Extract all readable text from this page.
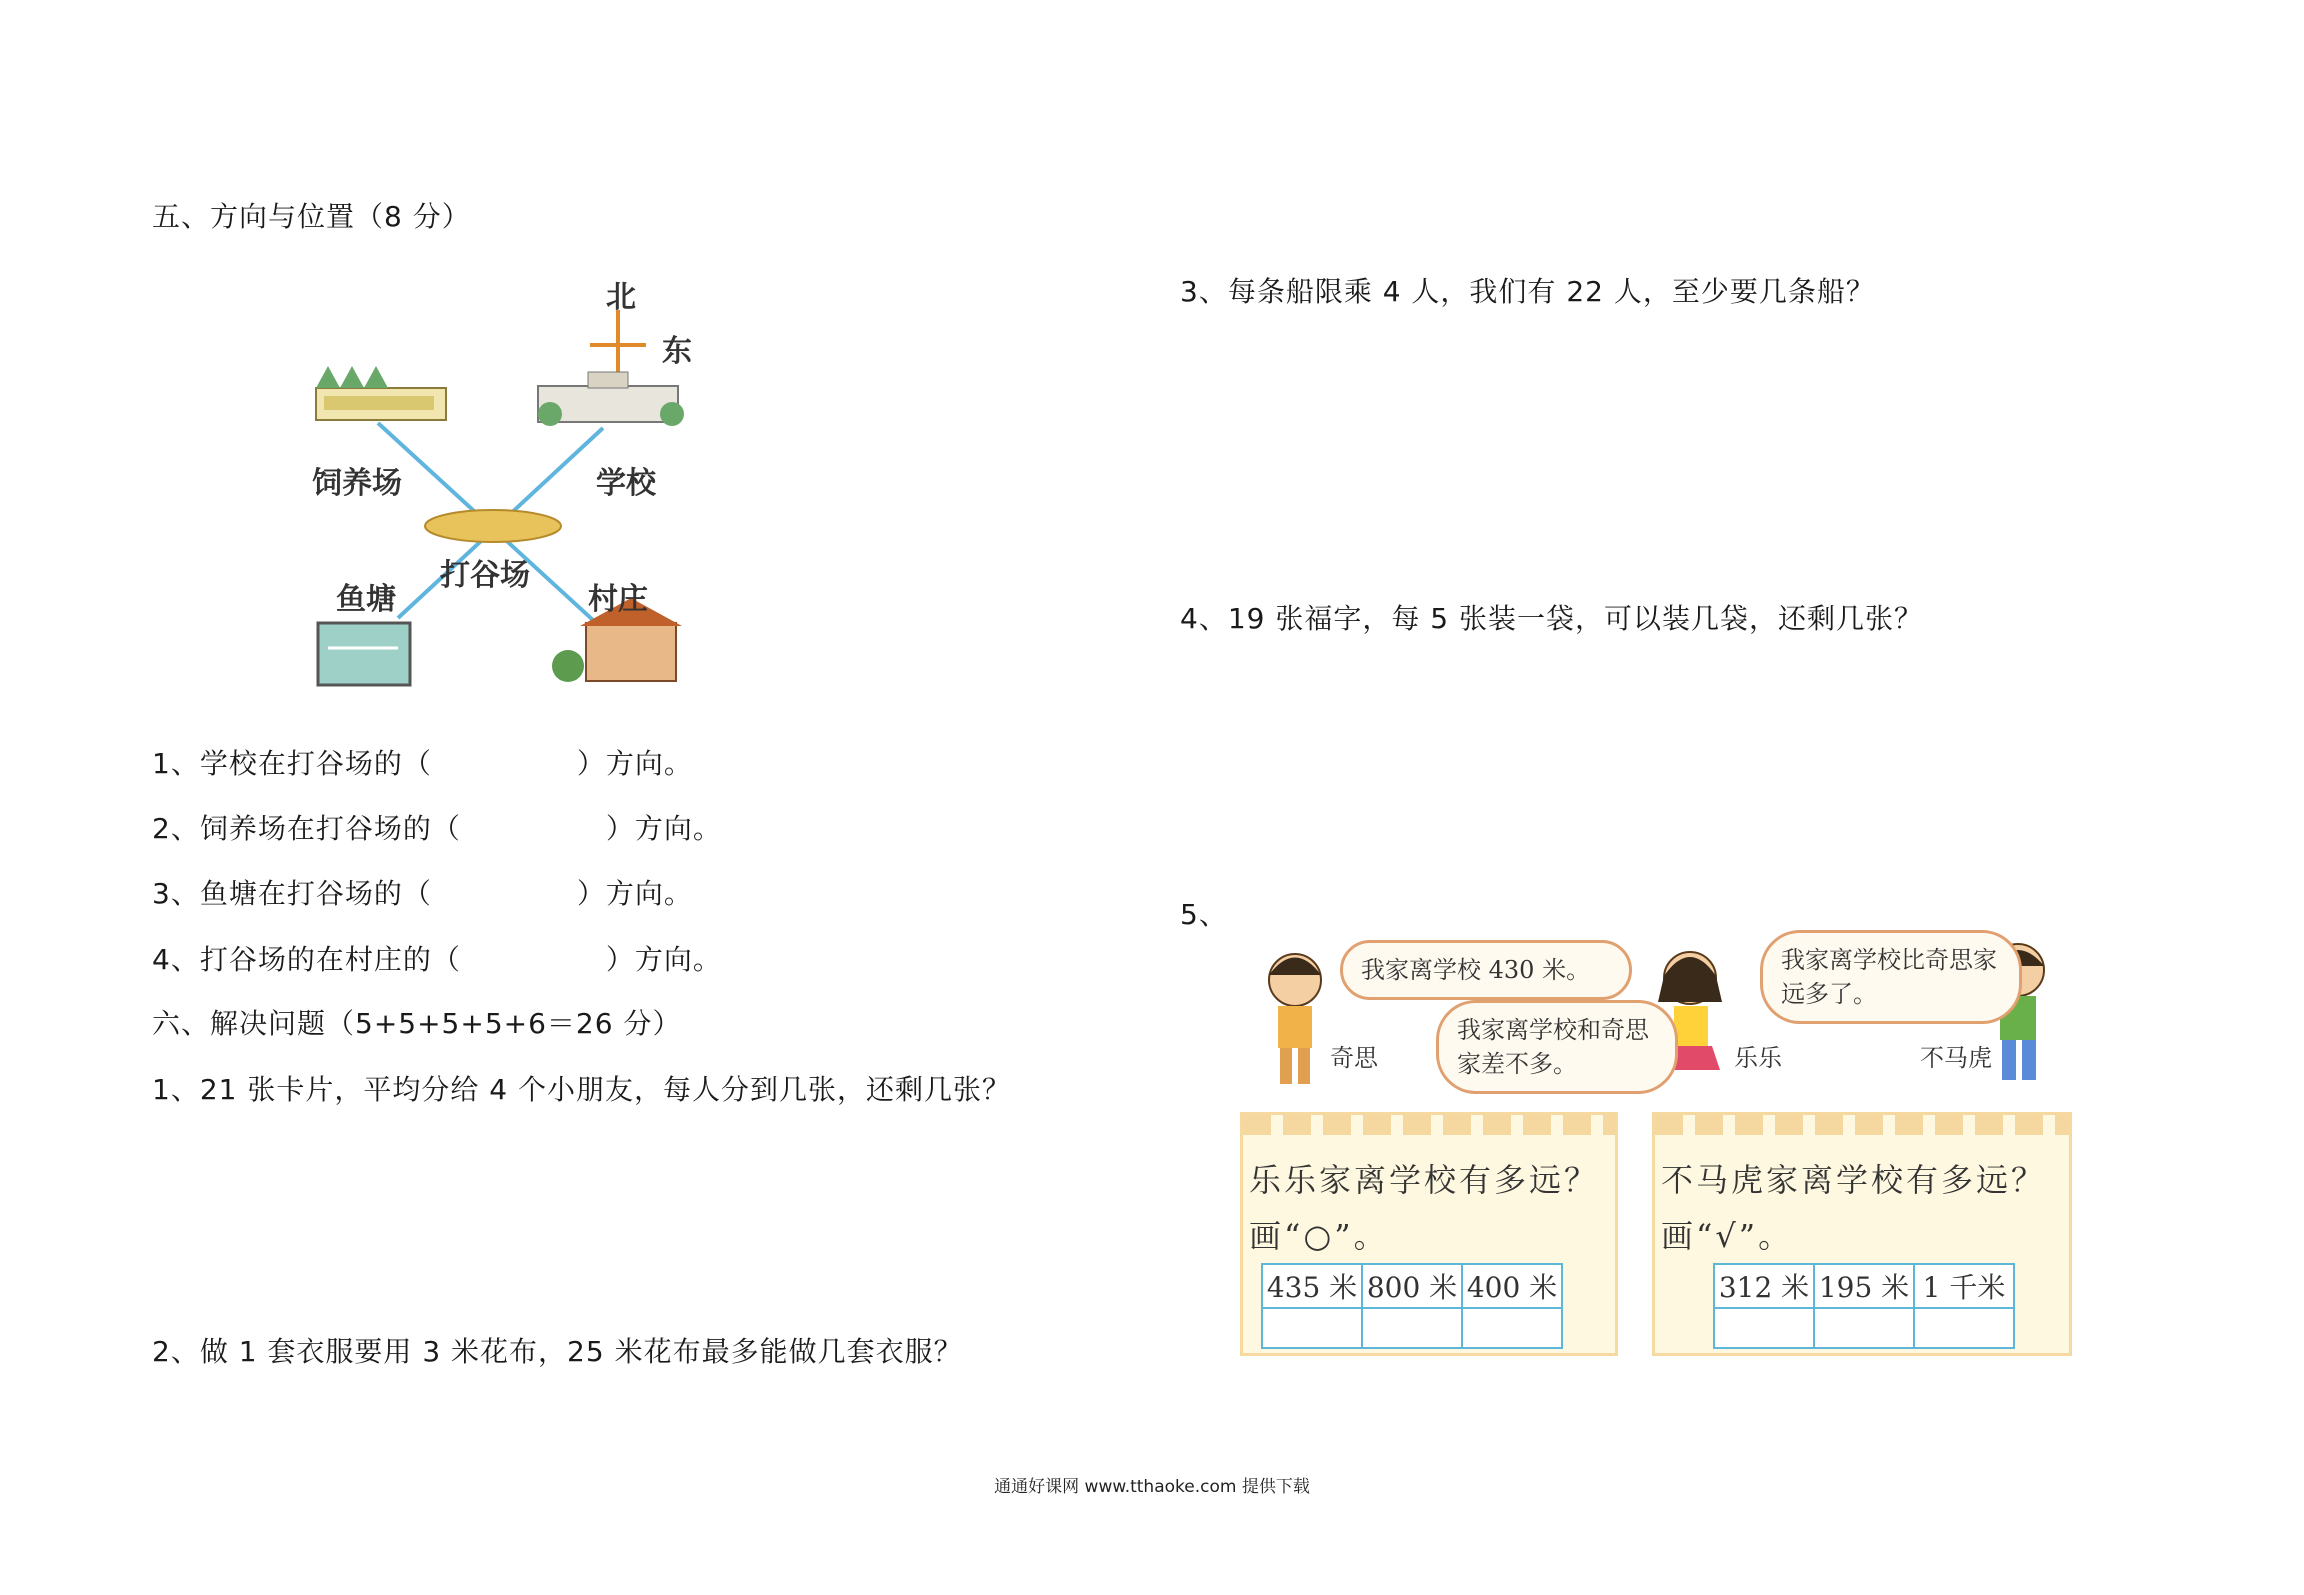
五、方向与位置（8 分）
北
东
饲养场	学校
打谷场
鱼塘	村庄
1、学校在打谷场的（　　　　　）方向。
2、饲养场在打谷场的（　　　　　）方向。
3、鱼塘在打谷场的（　　　　　）方向。
4、打谷场的在村庄的（　　　　　）方向。
六、解决问题（5+5+5+5+6＝26 分）
1、21 张卡片，平均分给 4 个小朋友，每人分到几张，还剩几张？
2、做 1 套衣服要用 3 米花布，25 米花布最多能做几套衣服？
3、每条船限乘 4 人，我们有 22 人，至少要几条船？
4、19 张福字，每 5 张装一袋，可以装几袋，还剩几张？
5、
我家离学校 430 米。
我家离学校和奇思家差不多。
我家离学校比奇思家远多了。
奇思	乐乐	不马虎
乐乐家离学校有多远？
画“○”。
435 米	800 米	400 米

不马虎家离学校有多远？
画“√”。
312 米	195 米	1 千米

通通好课网 www.tthaoke.com 提供下载
